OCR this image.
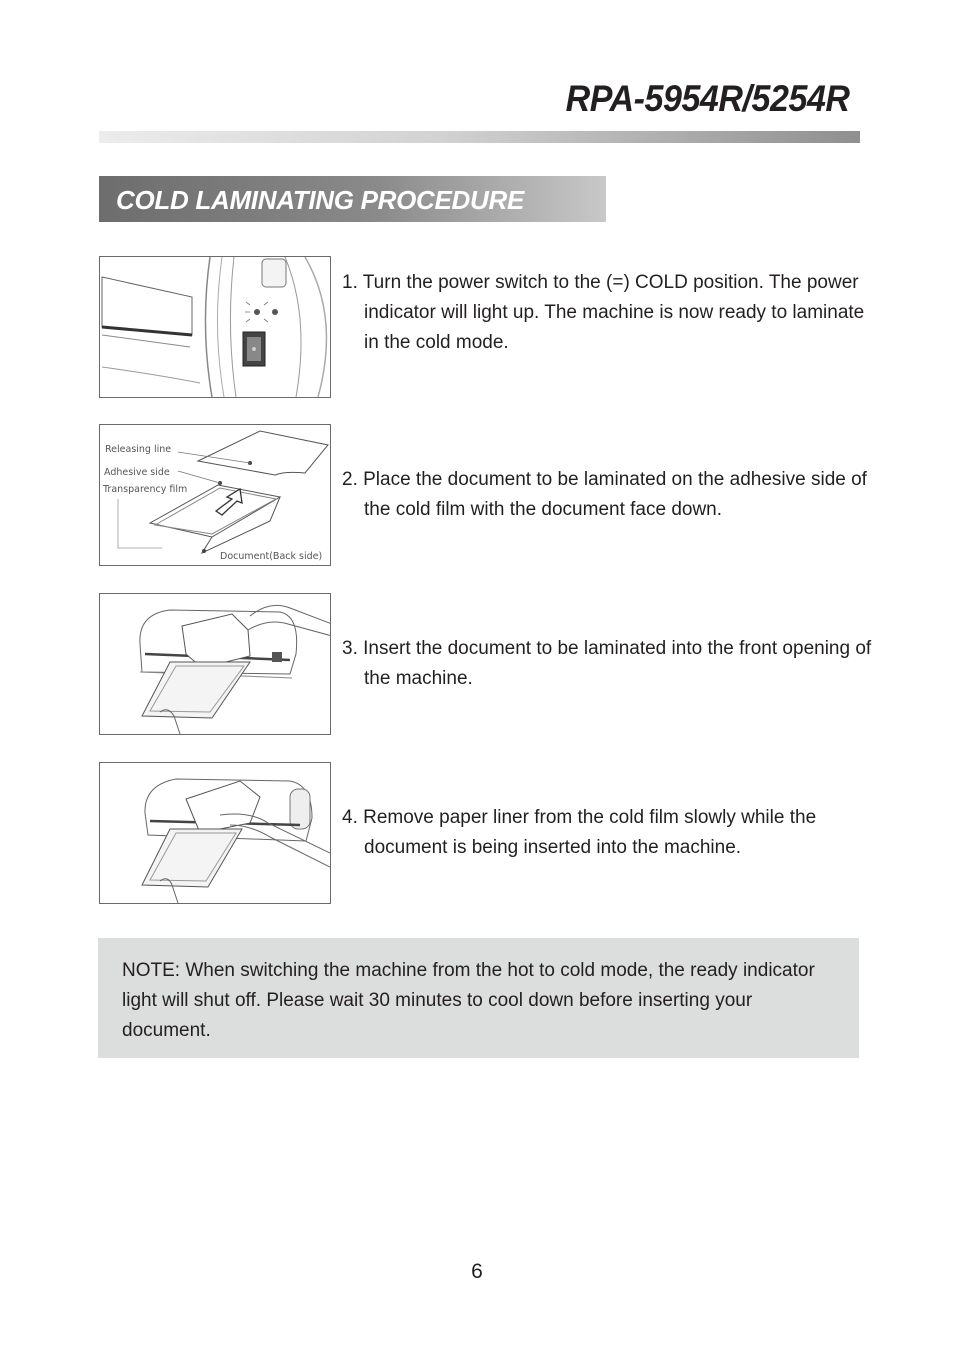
RPA-5954R/5254R
COLD LAMINATING PROCEDURE
Releasing line
Adhesive side
Transparency film
Document(Back side)
1. Turn the power switch to the (=) COLD position. The power indicator will light up. The machine is now ready to laminate in the cold mode.
2. Place the document to be laminated on the adhesive side of the cold film with the document face down.
3. Insert the document to be laminated into the front opening of the machine.
4. Remove paper liner from the cold film slowly while the document is being inserted into the machine.
NOTE: When switching the machine from the hot to cold mode, the ready indicator light will shut off. Please wait 30 minutes to cool down before inserting your document.
6
